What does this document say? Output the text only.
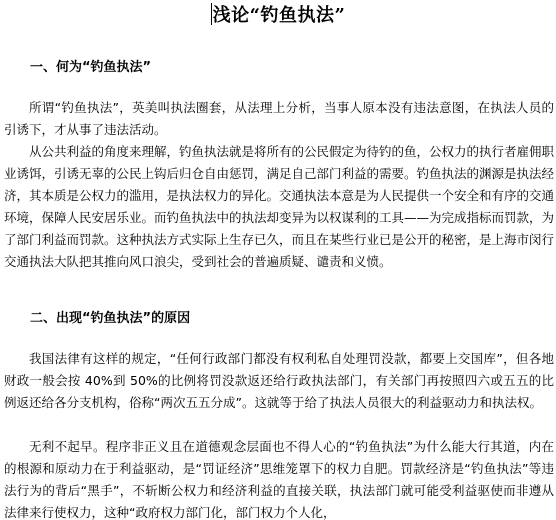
浅论“钓鱼执法”
一、何为“钓鱼执法”

所谓“钓鱼执法”，英美叫执法圈套，从法理上分析，当事人原本没有违法意图，在执法人员的引诱下，才从事了违法活动。

从公共利益的角度来理解，钓鱼执法就是将所有的公民假定为待钓的鱼，公权力的执行者雇佣职业诱饵，引诱无辜的公民上钩后归仓自由惩罚，满足自己部门利益的需要。钓鱼执法的渊源是执法经济，其本质是公权力的滥用，是执法权力的异化。交通执法本意是为人民提供一个安全和有序的交通环境，保障人民安居乐业。而钓鱼执法中的执法却变异为以权谋利的工具——为完成指标而罚款，为了部门利益而罚款。这种执法方式实际上生存已久，而且在某些行业已是公开的秘密，是上海市闵行交通执法大队把其推向风口浪尖，受到社会的普遍质疑、谴责和义愤。

二、出现“钓鱼执法”的原因

我国法律有这样的规定，“任何行政部门都没有权利私自处理罚没款，都要上交国库”，但各地财政一般会按 40%到 50%的比例将罚没款返还给行政执法部门，有关部门再按照四六或五五的比例返还给各分支机构，俗称“两次五五分成”。这就等于给了执法人员很大的利益驱动力和执法权。

无利不起早。程序非正义且在道德观念层面也不得人心的“钓鱼执法”为什么能大行其道，内在的根源和原动力在于利益驱动，是“罚证经济”思维笼罩下的权力自肥。罚款经济是“钓鱼执法”等违法行为的背后“黑手”，不斩断公权力和经济利益的直接关联，执法部门就可能受利益驱使而非遵从法律来行使权力，这种“政府权力部门化，部门权力个人化，
